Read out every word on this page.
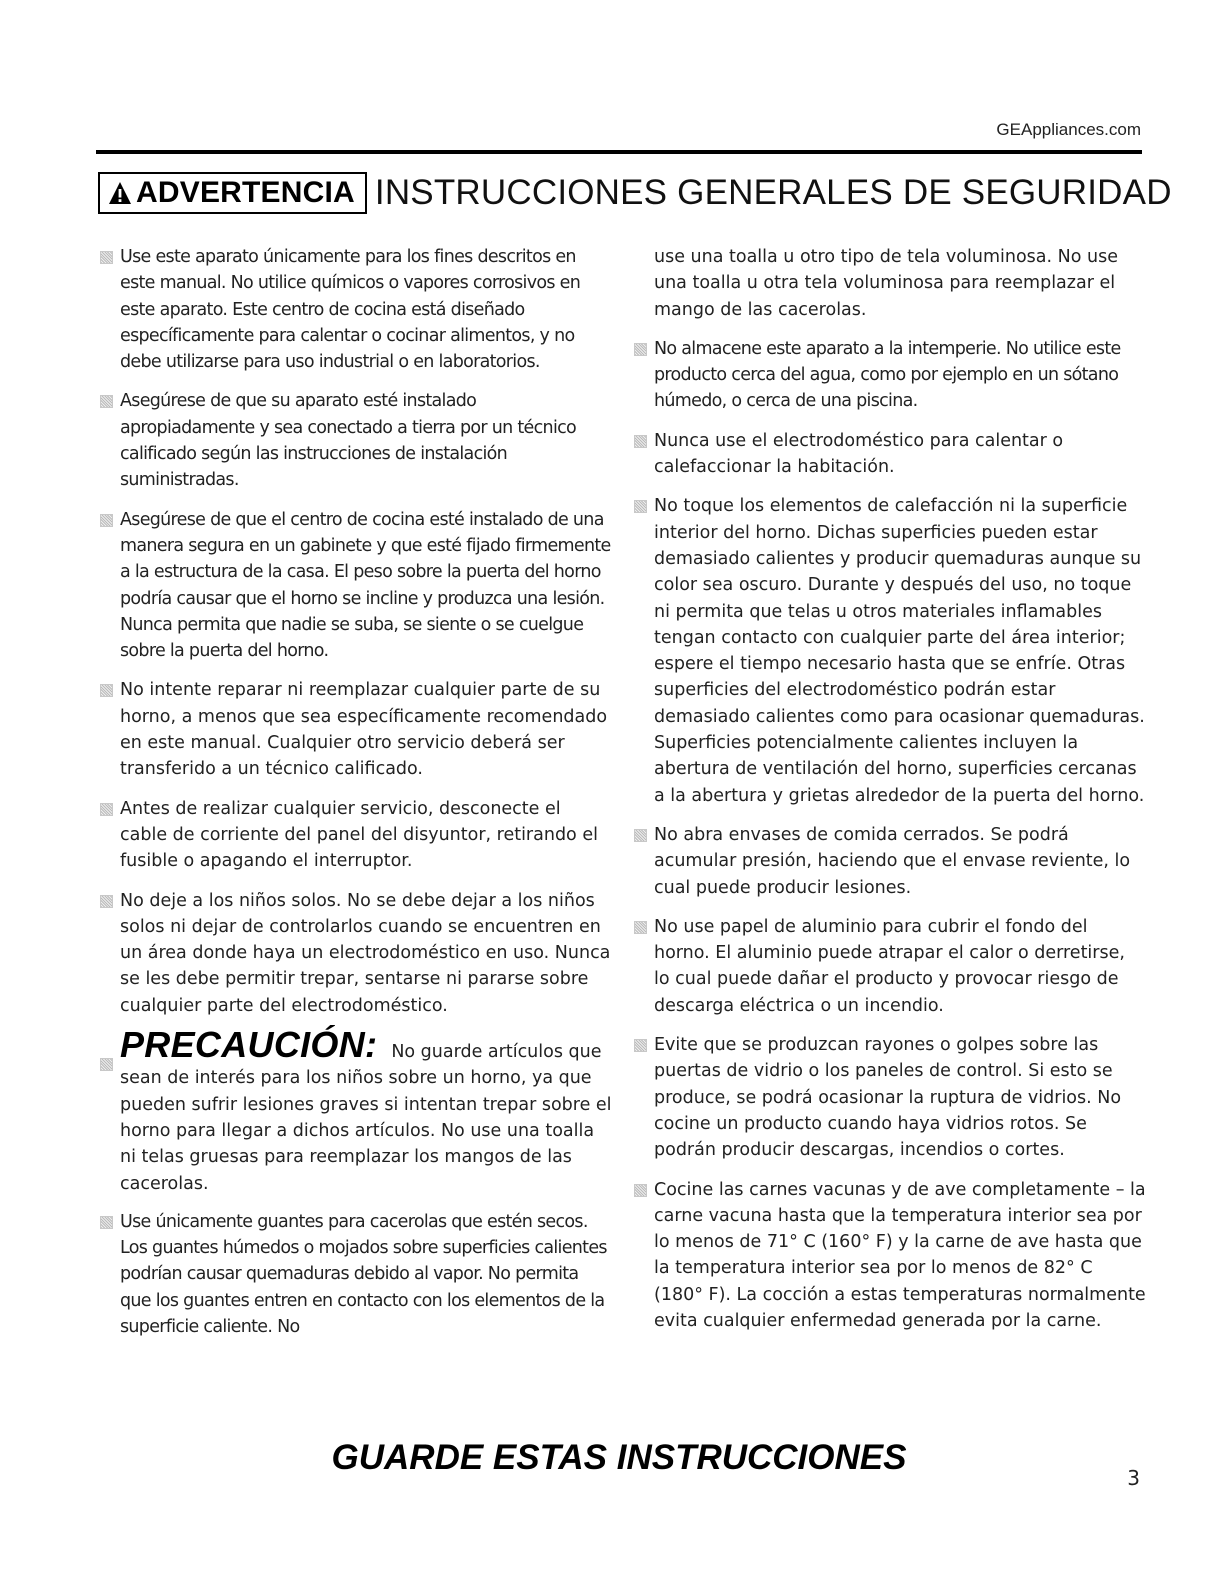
GEAppliances.com
ADVERTENCIA INSTRUCCIONES GENERALES DE SEGURIDAD

Use este aparato únicamente para los fines descritos en este manual. No utilice químicos o vapores corrosivos en este aparato. Este centro de cocina está diseñado específicamente para calentar o cocinar alimentos, y no debe utilizarse para uso industrial o en laboratorios.

Asegúrese de que su aparato esté instalado apropiadamente y sea conectado a tierra por un técnico calificado según las instrucciones de instalación suministradas.

Asegúrese de que el centro de cocina esté instalado de una manera segura en un gabinete y que esté fijado firmemente a la estructura de la casa. El peso sobre la puerta del horno podría causar que el horno se incline y produzca una lesión. Nunca permita que nadie se suba, se siente o se cuelgue sobre la puerta del horno.

No intente reparar ni reemplazar cualquier parte de su horno, a menos que sea específicamente recomendado en este manual. Cualquier otro servicio deberá ser transferido a un técnico calificado.

Antes de realizar cualquier servicio, desconecte el cable de corriente del panel del disyuntor, retirando el fusible o apagando el interruptor.

No deje a los niños solos. No se debe dejar a los niños solos ni dejar de controlarlos cuando se encuentren en un área donde haya un electrodoméstico en uso. Nunca se les debe permitir trepar, sentarse ni pararse sobre cualquier parte del electrodoméstico.

PRECAUCIÓN: No guarde artículos que sean de interés para los niños sobre un horno, ya que pueden sufrir lesiones graves si intentan trepar sobre el horno para llegar a dichos artículos. No use una toalla ni telas gruesas para reemplazar los mangos de las cacerolas.

Use únicamente guantes para cacerolas que estén secos. Los guantes húmedos o mojados sobre superficies calientes podrían causar quemaduras debido al vapor. No permita que los guantes entren en contacto con los elementos de la superficie caliente. No

use una toalla u otro tipo de tela voluminosa. No use una toalla u otra tela voluminosa para reemplazar el mango de las cacerolas.

No almacene este aparato a la intemperie. No utilice este producto cerca del agua, como por ejemplo en un sótano húmedo, o cerca de una piscina.

Nunca use el electrodoméstico para calentar o calefaccionar la habitación.

No toque los elementos de calefacción ni la superficie interior del horno. Dichas superficies pueden estar demasiado calientes y producir quemaduras aunque su color sea oscuro. Durante y después del uso, no toque ni permita que telas u otros materiales inflamables tengan contacto con cualquier parte del área interior; espere el tiempo necesario hasta que se enfríe. Otras superficies del electrodoméstico podrán estar demasiado calientes como para ocasionar quemaduras. Superficies potencialmente calientes incluyen la abertura de ventilación del horno, superficies cercanas a la abertura y grietas alrededor de la puerta del horno.

No abra envases de comida cerrados. Se podrá acumular presión, haciendo que el envase reviente, lo cual puede producir lesiones.

No use papel de aluminio para cubrir el fondo del horno. El aluminio puede atrapar el calor o derretirse, lo cual puede dañar el producto y provocar riesgo de descarga eléctrica o un incendio.

Evite que se produzcan rayones o golpes sobre las puertas de vidrio o los paneles de control. Si esto se produce, se podrá ocasionar la ruptura de vidrios. No cocine un producto cuando haya vidrios rotos. Se podrán producir descargas, incendios o cortes.

Cocine las carnes vacunas y de ave completamente – la carne vacuna hasta que la temperatura interior sea por lo menos de 71° C (160° F) y la carne de ave hasta que la temperatura interior sea por lo menos de 82° C (180° F). La cocción a estas temperaturas normalmente evita cualquier enfermedad generada por la carne.

GUARDE ESTAS INSTRUCCIONES
3
